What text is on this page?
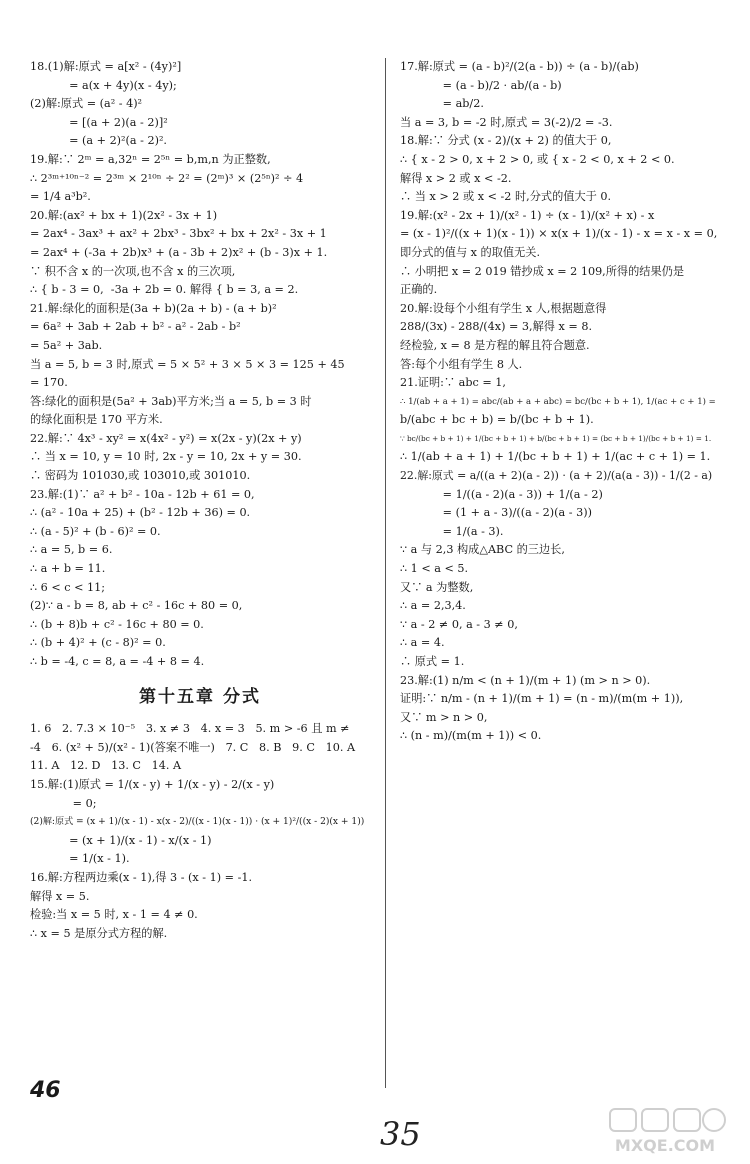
18.(1)解:原式 = a[x² - (4y)²]
= a(x + 4y)(x - 4y);
(2)解:原式 = (a² - 4)²
= [(a + 2)(a - 2)]²
= (a + 2)²(a - 2)².
19.解:∵ 2ᵐ = a,32ⁿ = 2⁵ⁿ = b,m,n 为正整数,
∴ 2³ᵐ⁺¹⁰ⁿ⁻² = 2³ᵐ × 2¹⁰ⁿ ÷ 2² = (2ᵐ)³ × (2⁵ⁿ)² ÷ 4
= 1/4 a³b².
20.解:(ax² + bx + 1)(2x² - 3x + 1)
= 2ax⁴ - 3ax³ + ax² + 2bx³ - 3bx² + bx + 2x² - 3x + 1
= 2ax⁴ + (-3a + 2b)x³ + (a - 3b + 2)x² + (b - 3)x + 1.
∵ 积不含 x 的一次项,也不含 x 的三次项,
∴ { b - 3 = 0,  -3a + 2b = 0. 解得 { b = 3, a = 2.
21.解:绿化的面积是(3a + b)(2a + b) - (a + b)²
= 6a² + 3ab + 2ab + b² - a² - 2ab - b²
= 5a² + 3ab.
当 a = 5, b = 3 时,原式 = 5 × 5² + 3 × 5 × 3 = 125 + 45
= 170.
答:绿化的面积是(5a² + 3ab)平方米;当 a = 5, b = 3 时
的绿化面积是 170 平方米.
22.解:∵ 4x³ - xy² = x(4x² - y²) = x(2x - y)(2x + y)
∴ 当 x = 10, y = 10 时, 2x - y = 10, 2x + y = 30.
∴ 密码为 101030,或 103010,或 301010.
23.解:(1)∵ a² + b² - 10a - 12b + 61 = 0,
∴ (a² - 10a + 25) + (b² - 12b + 36) = 0.
∴ (a - 5)² + (b - 6)² = 0.
∴ a = 5, b = 6.
∴ a + b = 11.
∴ 6 < c < 11;
(2)∵ a - b = 8, ab + c² - 16c + 80 = 0,
∴ (b + 8)b + c² - 16c + 80 = 0.
∴ (b + 4)² + (c - 8)² = 0.
∴ b = -4, c = 8, a = -4 + 8 = 4.
第十五章 分式
1. 6   2. 7.3 × 10⁻⁵   3. x ≠ 3   4. x = 3   5. m > -6 且 m ≠
-4   6. (x² + 5)/(x² - 1)(答案不唯一)   7. C   8. B   9. C   10. A
11. A   12. D   13. C   14. A
15.解:(1)原式 = 1/(x - y) + 1/(x - y) - 2/(x - y)
= 0;
(2)解:原式 = (x + 1)/(x - 1) - x(x - 2)/((x - 1)(x - 1)) · (x + 1)²/((x - 2)(x + 1))
= (x + 1)/(x - 1) - x/(x - 1)
= 1/(x - 1).
16.解:方程两边乘(x - 1),得 3 - (x - 1) = -1.
解得 x = 5.
检验:当 x = 5 时, x - 1 = 4 ≠ 0.
∴ x = 5 是原分式方程的解.
17.解:原式 = (a - b)²/(2(a - b)) ÷ (a - b)/(ab)
= (a - b)/2 · ab/(a - b)
= ab/2.
当 a = 3, b = -2 时,原式 = 3(-2)/2 = -3.
18.解:∵ 分式 (x - 2)/(x + 2) 的值大于 0,
∴ { x - 2 > 0, x + 2 > 0, 或 { x - 2 < 0, x + 2 < 0.
解得 x > 2 或 x < -2.
∴ 当 x > 2 或 x < -2 时,分式的值大于 0.
19.解:(x² - 2x + 1)/(x² - 1) ÷ (x - 1)/(x² + x) - x
= (x - 1)²/((x + 1)(x - 1)) × x(x + 1)/(x - 1) - x = x - x = 0,
即分式的值与 x 的取值无关.
∴ 小明把 x = 2 019 错抄成 x = 2 109,所得的结果仍是
正确的.
20.解:设每个小组有学生 x 人,根据题意得
288/(3x) - 288/(4x) = 3,解得 x = 8.
经检验, x = 8 是方程的解且符合题意.
答:每个小组有学生 8 人.
21.证明:∵ abc = 1,
∴ 1/(ab + a + 1) = abc/(ab + a + abc) = bc/(bc + b + 1), 1/(ac + c + 1) =
b/(abc + bc + b) = b/(bc + b + 1).
∵ bc/(bc + b + 1) + 1/(bc + b + 1) + b/(bc + b + 1) = (bc + b + 1)/(bc + b + 1) = 1.
∴ 1/(ab + a + 1) + 1/(bc + b + 1) + 1/(ac + c + 1) = 1.
22.解:原式 = a/((a + 2)(a - 2)) · (a + 2)/(a(a - 3)) - 1/(2 - a)
= 1/((a - 2)(a - 3)) + 1/(a - 2)
= (1 + a - 3)/((a - 2)(a - 3))
= 1/(a - 3).
∵ a 与 2,3 构成△ABC 的三边长,
∴ 1 < a < 5.
又∵ a 为整数,
∴ a = 2,3,4.
∵ a - 2 ≠ 0, a - 3 ≠ 0,
∴ a = 4.
∴ 原式 = 1.
23.解:(1) n/m < (n + 1)/(m + 1) (m > n > 0).
证明:∵ n/m - (n + 1)/(m + 1) = (n - m)/(m(m + 1)),
又∵ m > n > 0,
∴ (n - m)/(m(m + 1)) < 0.
46
35	MXQE.COM
